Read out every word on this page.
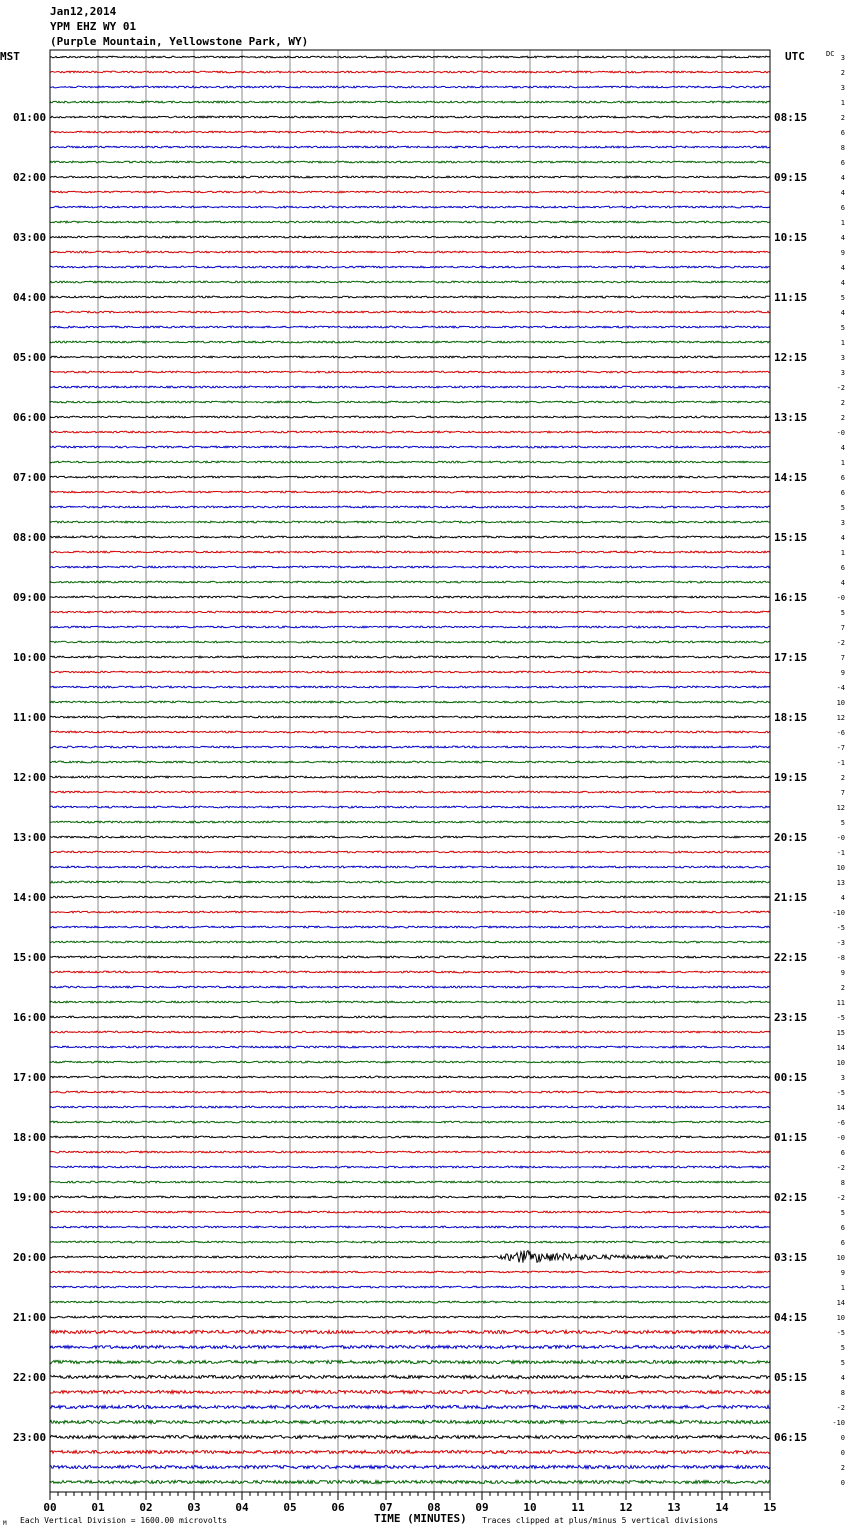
Jan12,2014
YPM EHZ WY 01
(Purple Mountain, Yellowstone Park, WY)
01:00
02:00
03:00
04:00
05:00
06:00
07:00
08:00
09:00
10:00
11:00
12:00
13:00
14:00
15:00
16:00
17:00
18:00
19:00
20:00
21:00
22:00
23:00
08:15
09:15
10:15
11:15
12:15
13:15
14:15
15:15
16:15
17:15
18:15
19:15
20:15
21:15
22:15
23:15
00:15
01:15
02:15
03:15
04:15
05:15
06:15
3
2
3
1
2
6
8
6
4
4
6
1
4
9
4
4
5
4
5
1
3
3
-2
2
2
-0
4
1
6
6
5
3
4
1
6
4
-0
5
7
-2
7
9
-4
10
12
-6
-7
-1
2
7
12
5
-0
-1
10
13
4
-10
-5
-3
-8
9
2
11
-5
15
14
10
3
-5
14
-6
-0
6
-2
8
-2
5
6
6
10
9
1
14
10
-5
5
5
4
8
-2
-10
0
0
2
0
00	01	02	03	04	05	06	07	08	09	10	11	12	13	14	15
MST	UTC	DC
M Each Vertical Division = 1600.00 microvolts	TIME (MINUTES) Traces clipped at plus/minus 5 vertical divisions
